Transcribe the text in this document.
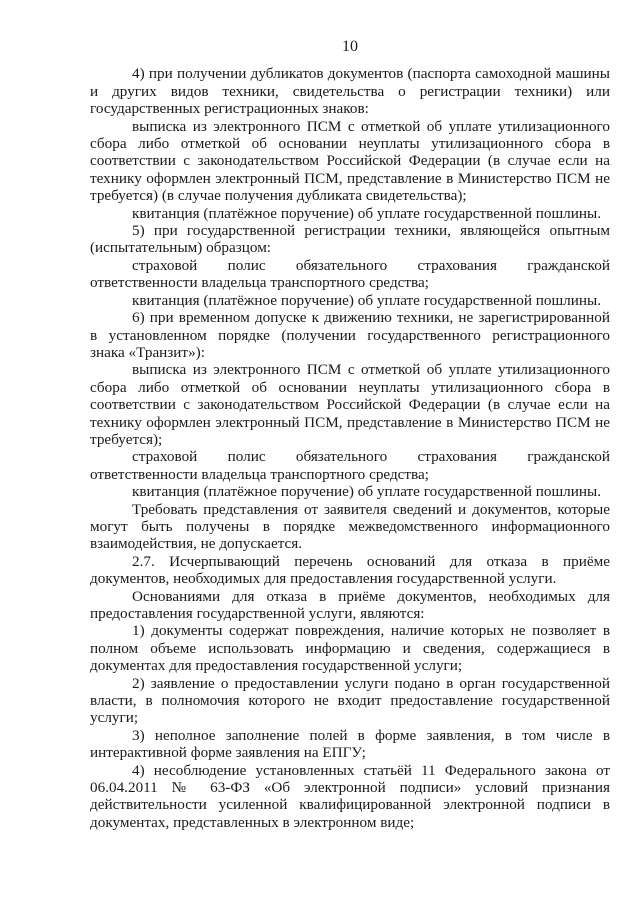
10

4) при получении дубликатов документов (паспорта самоходной машины и других видов техники, свидетельства о регистрации техники) или государственных регистрационных знаков:

выписка из электронного ПСМ с отметкой об уплате утилизационного сбора либо отметкой об основании неуплаты утилизационного сбора в соответствии с законодательством Российской Федерации (в случае если на технику оформлен электронный ПСМ, представление в Министерство ПСМ не требуется) (в случае получения дубликата свидетельства);

квитанция (платёжное поручение) об уплате государственной пошлины.

5) при государственной регистрации техники, являющейся опытным (испытательным) образцом:

страховой полис обязательного страхования гражданской ответственности владельца транспортного средства;

квитанция (платёжное поручение) об уплате государственной пошлины.

6) при временном допуске к движению техники, не зарегистрированной в установленном порядке (получении государственного регистрационного знака «Транзит»):

выписка из электронного ПСМ с отметкой об уплате утилизационного сбора либо отметкой об основании неуплаты утилизационного сбора в соответствии с законодательством Российской Федерации (в случае если на технику оформлен электронный ПСМ, представление в Министерство ПСМ не требуется);

страховой полис обязательного страхования гражданской ответственности владельца транспортного средства;

квитанция (платёжное поручение) об уплате государственной пошлины.

Требовать представления от заявителя сведений и документов, которые могут быть получены в порядке межведомственного информационного взаимодействия, не допускается.

2.7. Исчерпывающий перечень оснований для отказа в приёме документов, необходимых для предоставления государственной услуги.

Основаниями для отказа в приёме документов, необходимых для предоставления государственной услуги, являются:

1) документы содержат повреждения, наличие которых не позволяет в полном объеме использовать информацию и сведения, содержащиеся в документах для предоставления государственной услуги;

2) заявление о предоставлении услуги подано в орган государственной власти, в полномочия которого не входит предоставление государственной услуги;

3) неполное заполнение полей в форме заявления, в том числе в интерактивной форме заявления на ЕПГУ;

4) несоблюдение установленных статьёй 11 Федерального закона от 06.04.2011 № 63-ФЗ «Об электронной подписи» условий признания действительности усиленной квалифицированной электронной подписи в документах, представленных в электронном виде;
